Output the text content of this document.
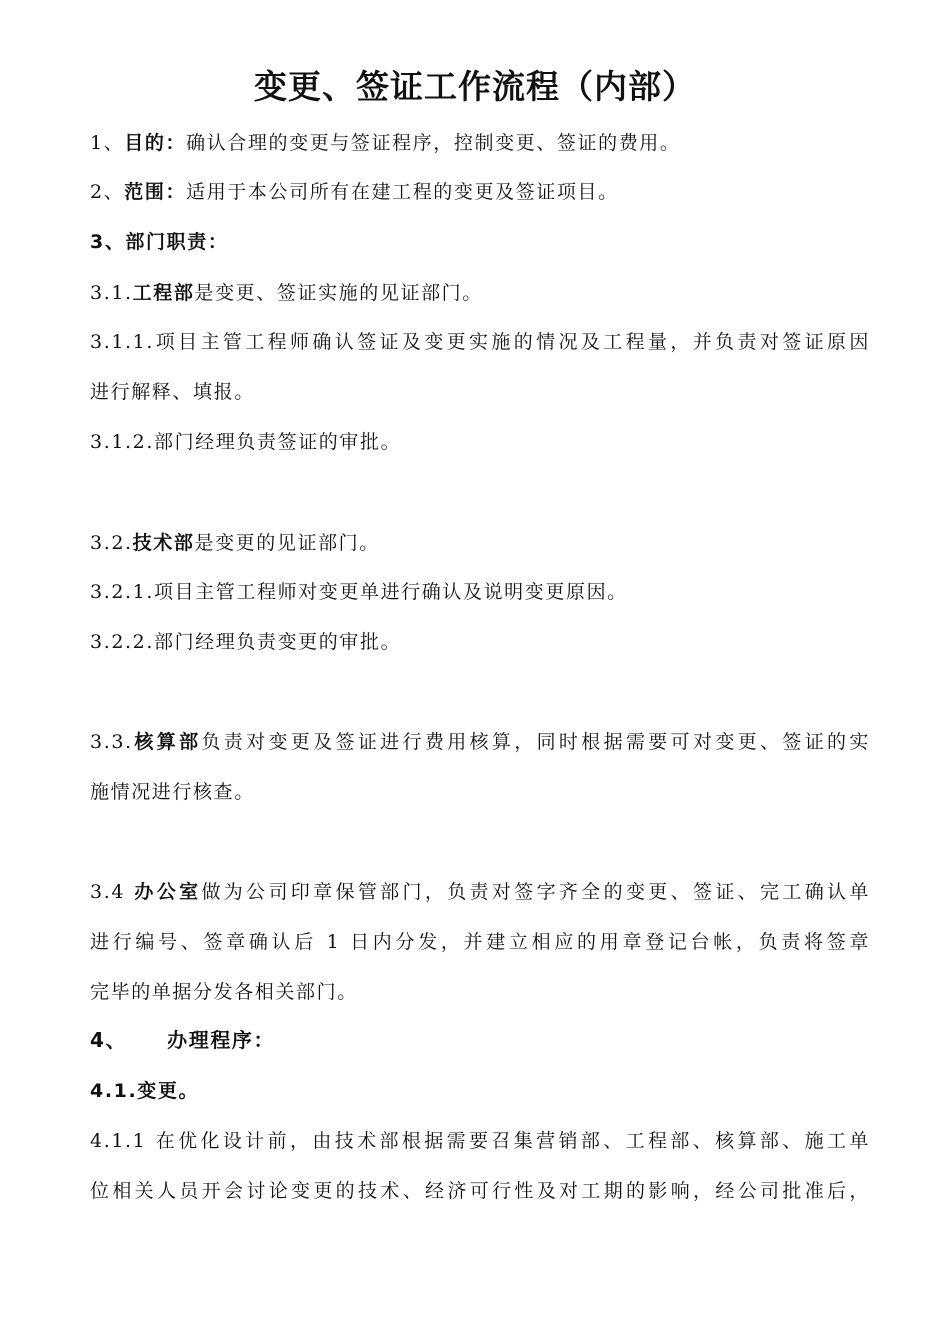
变更、签证工作流程（内部）
1、目的：确认合理的变更与签证程序，控制变更、签证的费用。
2、范围：适用于本公司所有在建工程的变更及签证项目。
3、部门职责：
3.1.工程部是变更、签证实施的见证部门。
3.1.1.项目主管工程师确认签证及变更实施的情况及工程量，并负责对签证原因
进行解释、填报。
3.1.2.部门经理负责签证的审批。
3.2.技术部是变更的见证部门。
3.2.1.项目主管工程师对变更单进行确认及说明变更原因。
3.2.2.部门经理负责变更的审批。
3.3.核算部负责对变更及签证进行费用核算，同时根据需要可对变更、签证的实
施情况进行核查。
3.4 办公室做为公司印章保管部门，负责对签字齐全的变更、签证、完工确认单
进行编号、签章确认后 1 日内分发，并建立相应的用章登记台帐，负责将签章
完毕的单据分发各相关部门。
4、 办理程序：
4.1.变更。
4.1.1 在优化设计前，由技术部根据需要召集营销部、工程部、核算部、施工单
位相关人员开会讨论变更的技术、经济可行性及对工期的影响，经公司批准后，
